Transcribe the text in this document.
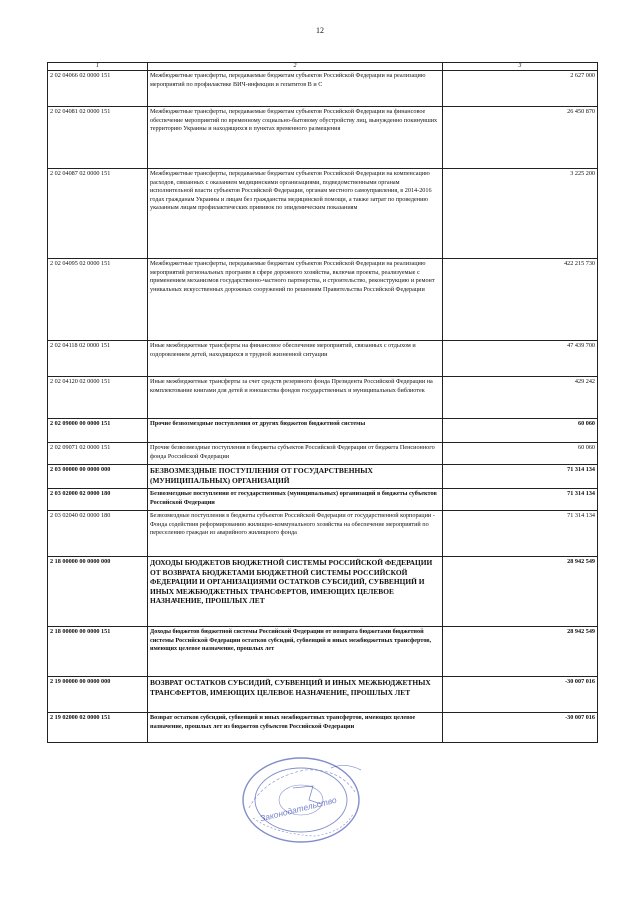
12
1	2	3
2 02 04066 02 0000 151	Межбюджетные трансферты, передаваемые бюджетам субъектов Российской Федерации на реализацию мероприятий по профилактике ВИЧ-инфекции и гепатитов В и С	2 627 000
2 02 04081 02 0000 151	Межбюджетные трансферты, передаваемые бюджетам субъектов Российской Федерации на финансовое обеспечение мероприятий по временному социально-бытовому обустройству лиц, вынужденно покинувших территорию Украины и находящихся в пунктах временного размещения	26 450 870
2 02 04087 02 0000 151	Межбюджетные трансферты, передаваемые бюджетам субъектов Российской Федерации на компенсацию расходов, связанных с оказанием медицинскими организациями, подведомственными органам исполнительной власти субъектов Российской Федерации, органам местного самоуправления, в 2014-2016 годах гражданам Украины и лицам без гражданства медицинской помощи, а также затрат по проведению указанным лицам профилактических прививок по эпидемическим показаниям	3 225 200
2 02 04095 02 0000 151	Межбюджетные трансферты, передаваемые бюджетам субъектов Российской Федерации на реализацию мероприятий региональных программ в сфере дорожного хозяйства, включая проекты, реализуемые с применением механизмов государственно-частного партнерства, и строительство, реконструкцию и ремонт уникальных искусственных дорожных сооружений по решениям Правительства Российской Федерации	422 215 730
2 02 04118 02 0000 151	Иные межбюджетные трансферты на финансовое обеспечение мероприятий, связанных с отдыхом и оздоровлением детей, находящихся в трудной жизненной ситуации	47 439 700
2 02 04120 02 0000 151	Иные межбюджетные трансферты за счет средств резервного фонда Президента Российской Федерации на комплектование книгами для детей и юношества фондов государственных и муниципальных библиотек	429 242
2 02 09000 00 0000 151	Прочие безвозмездные поступления от других бюджетов бюджетной системы	60 060
2 02 09071 02 0000 151	Прочие безвозмездные поступления в бюджеты субъектов Российской Федерации от бюджета Пенсионного фонда Российской Федерации	60 060
2 03 00000 00 0000 000	БЕЗВОЗМЕЗДНЫЕ ПОСТУПЛЕНИЯ ОТ ГОСУДАРСТВЕННЫХ (МУНИЦИПАЛЬНЫХ) ОРГАНИЗАЦИЙ	71 314 134
2 03 02000 02 0000 180	Безвозмездные поступления от государственных (муниципальных) организаций в бюджеты субъектов Российской Федерации	71 314 134
2 03 02040 02 0000 180	Безвозмездные поступления в бюджеты субъектов Российской Федерации от государственной корпорации - Фонда содействия реформированию жилищно-коммунального хозяйства на обеспечение мероприятий по переселению граждан из аварийного жилищного фонда	71 314 134
2 18 00000 00 0000 000	ДОХОДЫ БЮДЖЕТОВ БЮДЖЕТНОЙ СИСТЕМЫ РОССИЙСКОЙ ФЕДЕРАЦИИ ОТ ВОЗВРАТА БЮДЖЕТАМИ БЮДЖЕТНОЙ СИСТЕМЫ РОССИЙСКОЙ ФЕДЕРАЦИИ И ОРГАНИЗАЦИЯМИ ОСТАТКОВ СУБСИДИЙ, СУБВЕНЦИЙ И ИНЫХ МЕЖБЮДЖЕТНЫХ ТРАНСФЕРТОВ, ИМЕЮЩИХ ЦЕЛЕВОЕ НАЗНАЧЕНИЕ, ПРОШЛЫХ ЛЕТ	28 942 549
2 18 00000 00 0000 151	Доходы бюджетов бюджетной системы Российской Федерации от возврата бюджетами бюджетной системы Российской Федерации остатков субсидий, субвенций и иных межбюджетных трансфертов, имеющих целевое назначение, прошлых лет	28 942 549
2 19 00000 00 0000 000	ВОЗВРАТ ОСТАТКОВ СУБСИДИЙ, СУБВЕНЦИЙ И ИНЫХ МЕЖБЮДЖЕТНЫХ ТРАНСФЕРТОВ, ИМЕЮЩИХ ЦЕЛЕВОЕ НАЗНАЧЕНИЕ, ПРОШЛЫХ ЛЕТ	-30 007 016
2 19 02000 02 0000 151	Возврат остатков субсидий, субвенций и иных межбюджетных трансфертов, имеющих целевое назначение, прошлых лет из бюджетов субъектов Российской Федерации	-30 007 016
Законодательство
